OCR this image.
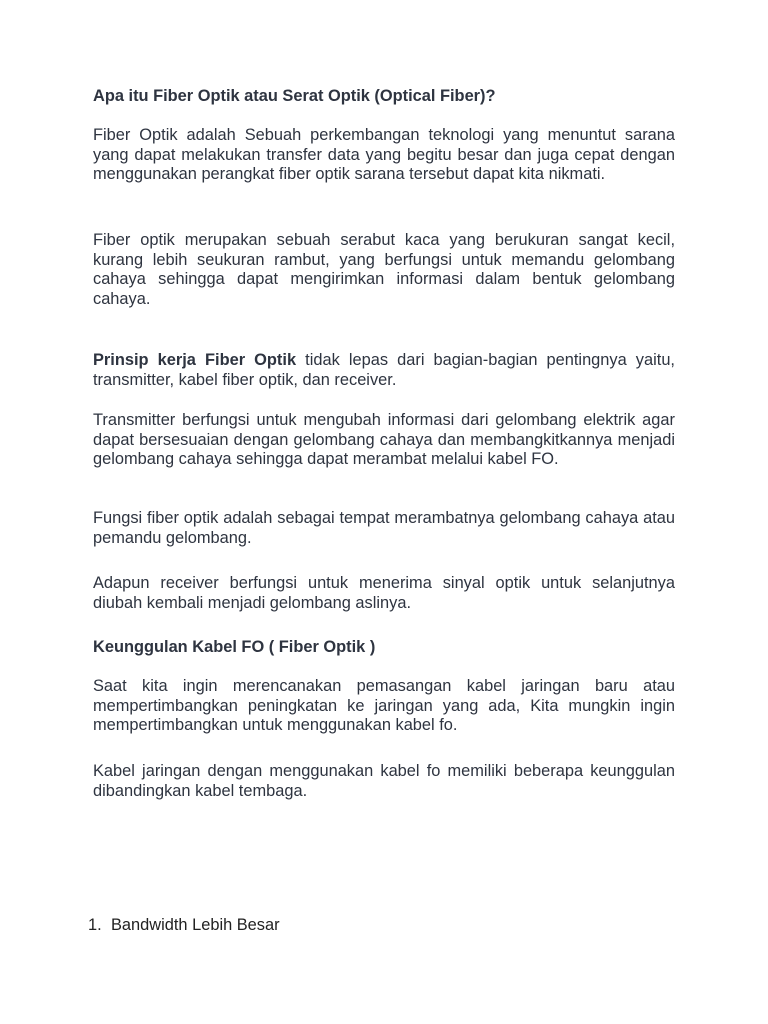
Apa itu Fiber Optik atau Serat Optik (Optical Fiber)?

Fiber Optik adalah Sebuah perkembangan teknologi yang menuntut sarana yang dapat melakukan transfer data yang begitu besar dan juga cepat dengan menggunakan perangkat fiber optik sarana tersebut dapat kita nikmati.

Fiber optik merupakan sebuah serabut kaca yang berukuran sangat kecil, kurang lebih seukuran rambut, yang berfungsi untuk memandu gelombang cahaya sehingga dapat mengirimkan informasi dalam bentuk gelombang cahaya.

Prinsip kerja Fiber Optik tidak lepas dari bagian-bagian pentingnya yaitu, transmitter, kabel fiber optik, dan receiver.

Transmitter berfungsi untuk mengubah informasi dari gelombang elektrik agar dapat bersesuaian dengan gelombang cahaya dan membangkitkannya menjadi gelombang cahaya sehingga dapat merambat melalui kabel FO.

Fungsi fiber optik adalah sebagai tempat merambatnya gelombang cahaya atau pemandu gelombang.

Adapun receiver berfungsi untuk menerima sinyal optik untuk selanjutnya diubah kembali menjadi gelombang aslinya.

Keunggulan Kabel FO ( Fiber Optik )

Saat kita ingin merencanakan pemasangan kabel jaringan baru atau mempertimbangkan peningkatan ke jaringan yang ada, Kita mungkin ingin mempertimbangkan untuk menggunakan kabel fo.

Kabel jaringan dengan menggunakan kabel fo memiliki beberapa keunggulan dibandingkan kabel tembaga.

1. Bandwidth Lebih Besar
